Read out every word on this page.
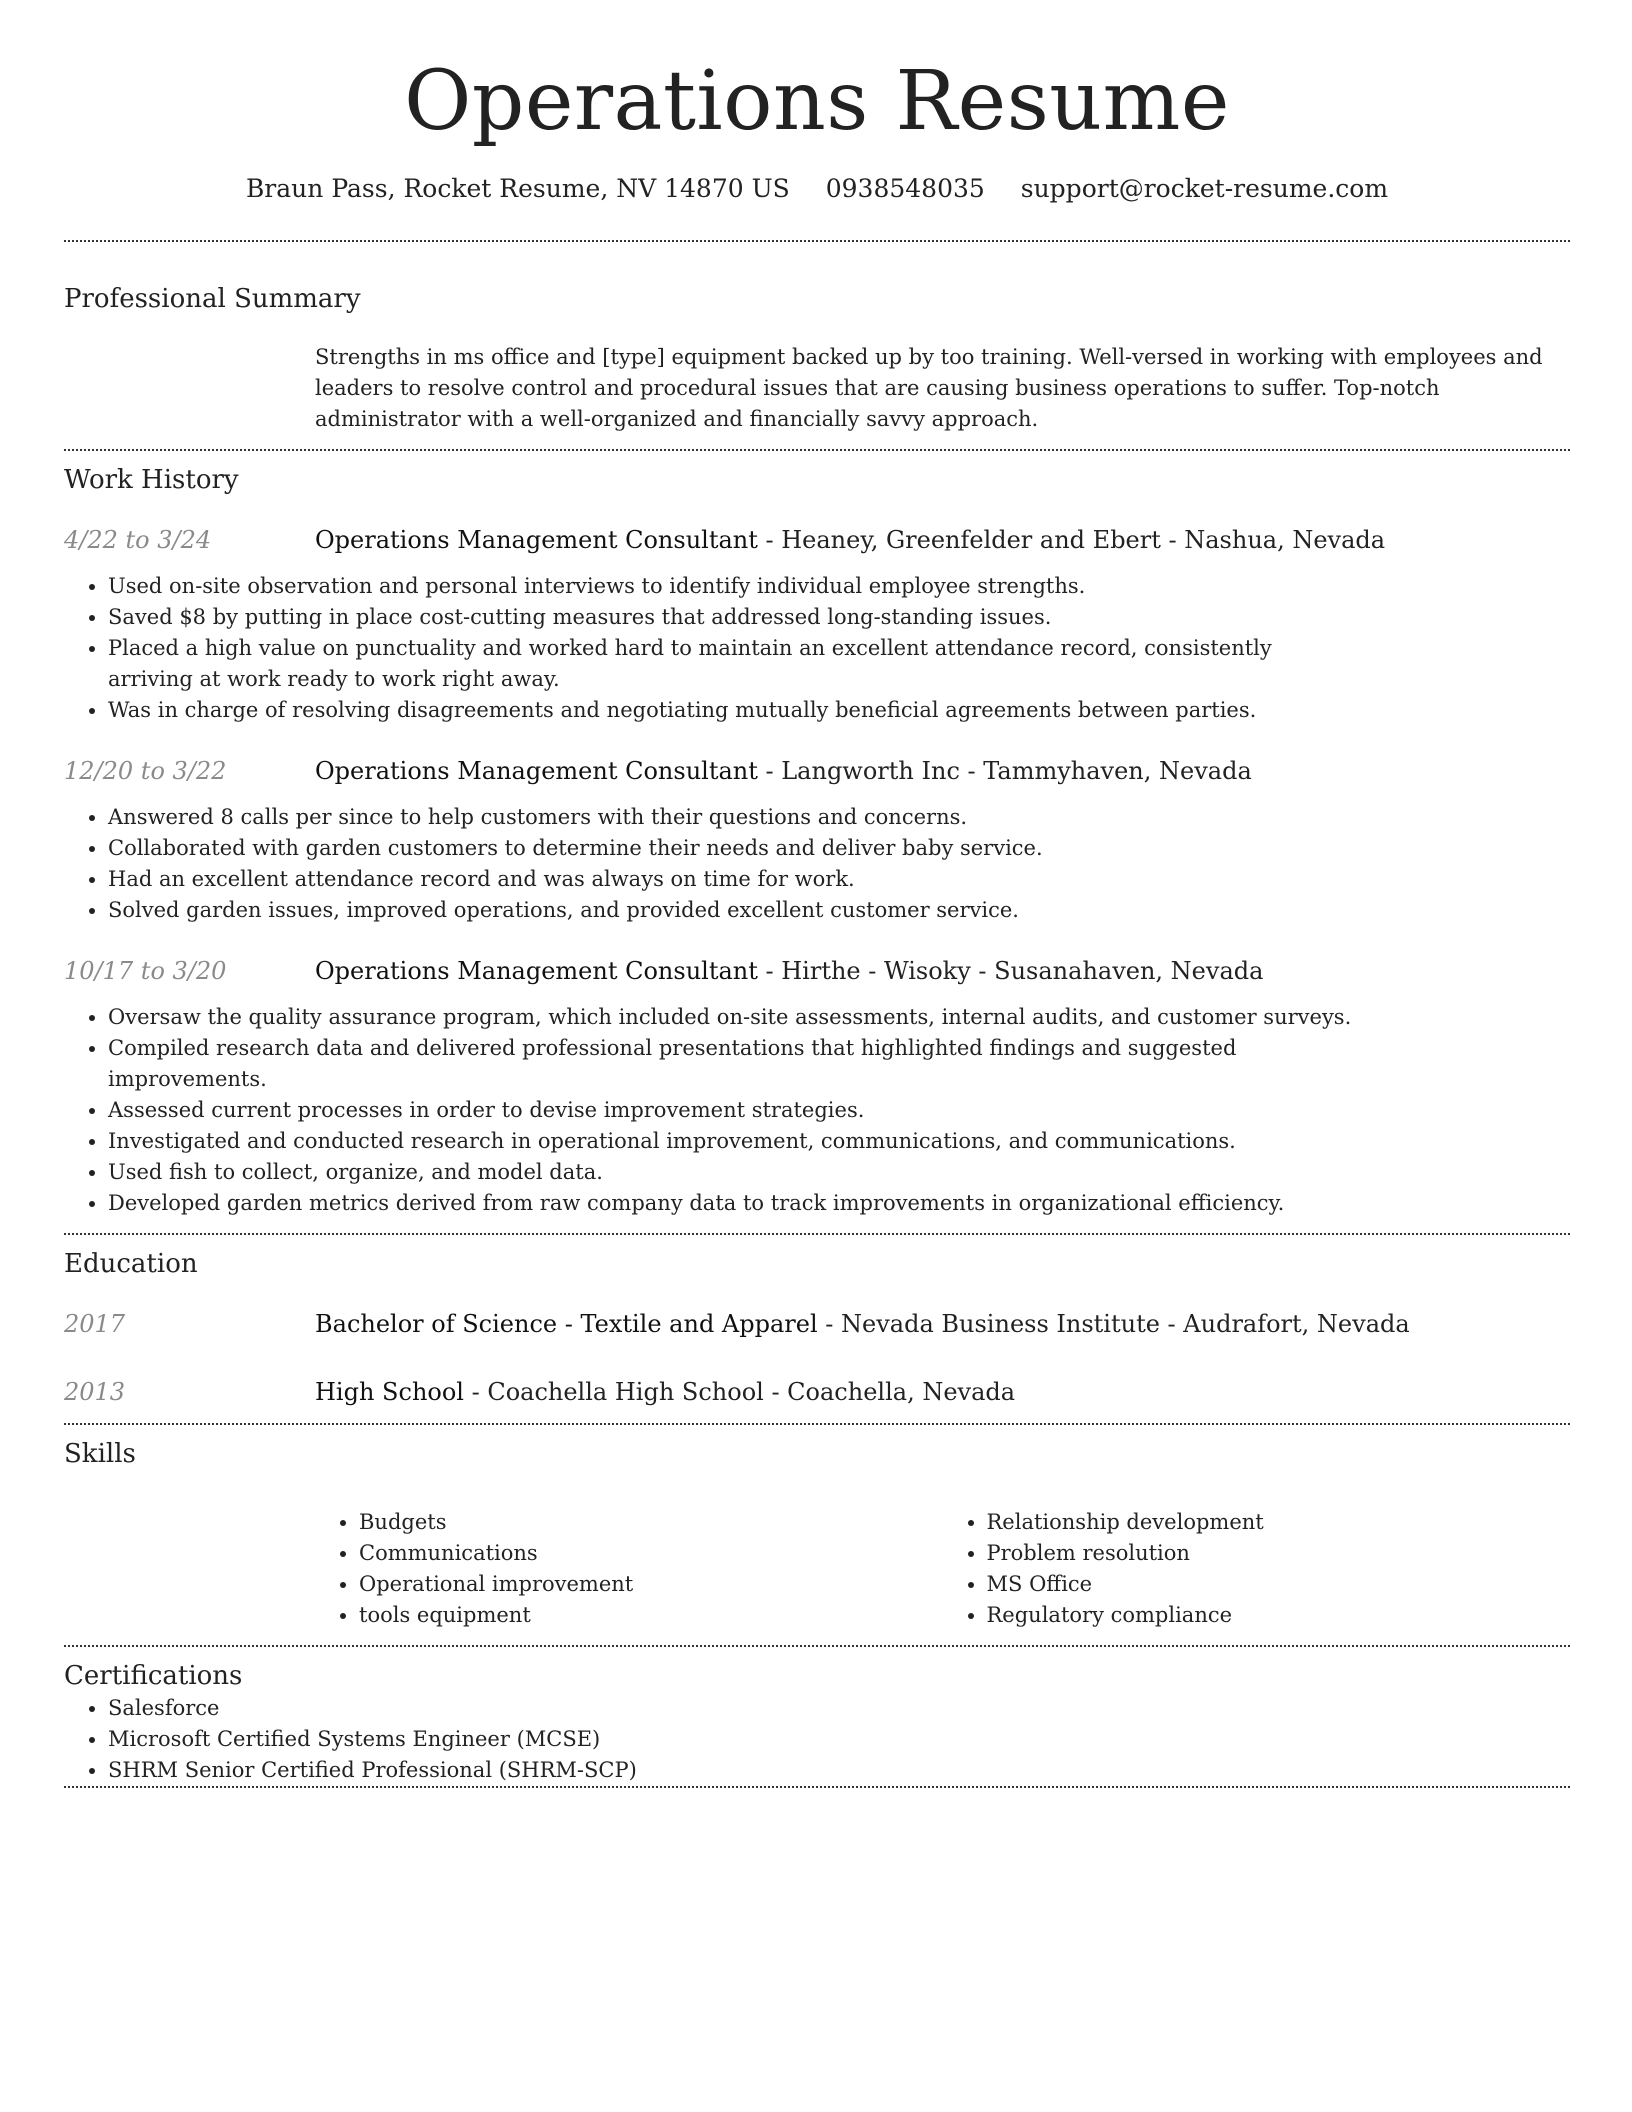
Operations Resume
Braun Pass, Rocket Resume, NV 14870 US 0938548035 support@rocket-resume.com
Professional Summary

Strengths in ms office and [type] equipment backed up by too training. Well-versed in working with employees and leaders to resolve control and procedural issues that are causing business operations to suffer. Top-notch administrator with a well-organized and financially savvy approach.

Work History
4/22 to 3/24	Operations Management Consultant - Heaney, Greenfelder and Ebert - Nashua, Nevada
• Used on-site observation and personal interviews to identify individual employee strengths.
• Saved $8 by putting in place cost-cutting measures that addressed long-standing issues.
• Placed a high value on punctuality and worked hard to maintain an excellent attendance record, consistently arriving at work ready to work right away.
• Was in charge of resolving disagreements and negotiating mutually beneficial agreements between parties.
12/20 to 3/22	Operations Management Consultant - Langworth Inc - Tammyhaven, Nevada
• Answered 8 calls per since to help customers with their questions and concerns.
• Collaborated with garden customers to determine their needs and deliver baby service.
• Had an excellent attendance record and was always on time for work.
• Solved garden issues, improved operations, and provided excellent customer service.
10/17 to 3/20	Operations Management Consultant - Hirthe - Wisoky - Susanahaven, Nevada
• Oversaw the quality assurance program, which included on-site assessments, internal audits, and customer surveys.
• Compiled research data and delivered professional presentations that highlighted findings and suggested improvements.
• Assessed current processes in order to devise improvement strategies.
• Investigated and conducted research in operational improvement, communications, and communications.
• Used fish to collect, organize, and model data.
• Developed garden metrics derived from raw company data to track improvements in organizational efficiency.
Education
2017	Bachelor of Science - Textile and Apparel - Nevada Business Institute - Audrafort, Nevada
2013	High School - Coachella High School - Coachella, Nevada
Skills
• Budgets
• Communications
• Operational improvement
• tools equipment
• Relationship development
• Problem resolution
• MS Office
• Regulatory compliance
Certifications
• Salesforce
• Microsoft Certified Systems Engineer (MCSE)
• SHRM Senior Certified Professional (SHRM-SCP)
